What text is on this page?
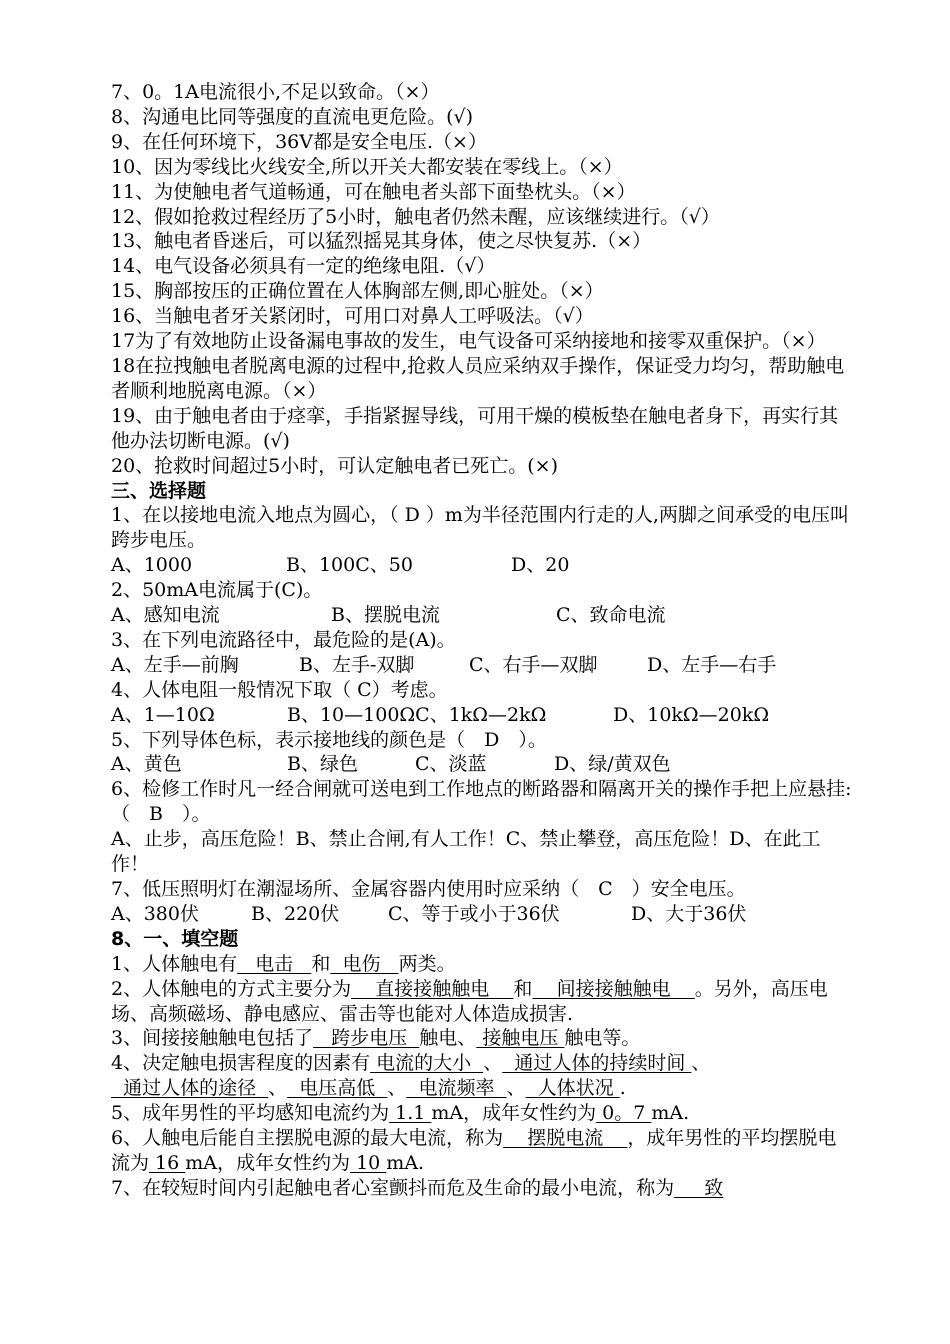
7、0。1A电流很小,不足以致命。（×）
8、沟通电比同等强度的直流电更危险。(√)
9、在任何环境下，36V都是安全电压.（×）
10、因为零线比火线安全,所以开关大都安装在零线上。（×）
11、为使触电者气道畅通，可在触电者头部下面垫枕头。（×）
12、假如抢救过程经历了5小时，触电者仍然未醒，应该继续进行。（√）
13、触电者昏迷后，可以猛烈摇晃其身体，使之尽快复苏.（×）
14、电气设备必须具有一定的绝缘电阻.（√）
15、胸部按压的正确位置在人体胸部左侧,即心脏处。（×）
16、当触电者牙关紧闭时，可用口对鼻人工呼吸法。（√）
17为了有效地防止设备漏电事故的发生，电气设备可采纳接地和接零双重保护。（×）
18在拉拽触电者脱离电源的过程中,抢救人员应采纳双手操作，保证受力均匀，帮助触电者顺利地脱离电源。（×）
19、由于触电者由于痉挛，手指紧握导线，可用干燥的模板垫在触电者身下，再实行其他办法切断电源。(√)
20、抢救时间超过5小时，可认定触电者已死亡。(×)
三、选择题
1、在以接地电流入地点为圆心，（ D ）m为半径范围内行走的人,两脚之间承受的电压叫跨步电压。
A、1000	B、100C、50	D、20
2、50mA电流属于(C)。
A、感知电流	B、摆脱电流	C、致命电流
3、在下列电流路径中，最危险的是(A)。
A、左手—前胸	B、左手-双脚	C、右手—双脚	D、左手—右手
4、人体电阻一般情况下取（ C）考虑。
A、1—10Ω	B、10—100ΩC、1kΩ—2kΩ	D、10kΩ—20kΩ
5、下列导体色标，表示接地线的颜色是（　D　）。
A、黄色	B、绿色	C、淡蓝	D、绿/黄双色
6、检修工作时凡一经合闸就可送电到工作地点的断路器和隔离开关的操作手把上应悬挂:（　B　）。
A、止步，高压危险！B、禁止合闸,有人工作！C、禁止攀登，高压危险！D、在此工作！
7、低压照明灯在潮湿场所、金属容器内使用时应采纳（　C　）安全电压。
A、380伏	B、220伏	C、等于或小于36伏	D、大于36伏
8、一、填空题
1、人体触电有   电击   和  电伤   两类。
2、人体触电的方式主要分为    直接接触触电    和    间接接触触电    。另外，高压电场、高频磁场、静电感应、雷击等也能对人体造成损害.
3、间接接触触电包括了   跨步电压  触电、 接触电压 触电等。
4、决定触电损害程度的因素有 电流的大小  、  通过人体的持续时间 、  通过人体的途径  、  电压高低  、  电流频率  、  人体状况 .
5、成年男性的平均感知电流约为 1.1 mA，成年女性约为 0。7 mA.
6、人触电后能自主摆脱电源的最大电流，称为    摆脱电流    ，成年男性的平均摆脱电流为 16 mA，成年女性约为 10 mA.
7、在较短时间内引起触电者心室颤抖而危及生命的最小电流，称为     致
